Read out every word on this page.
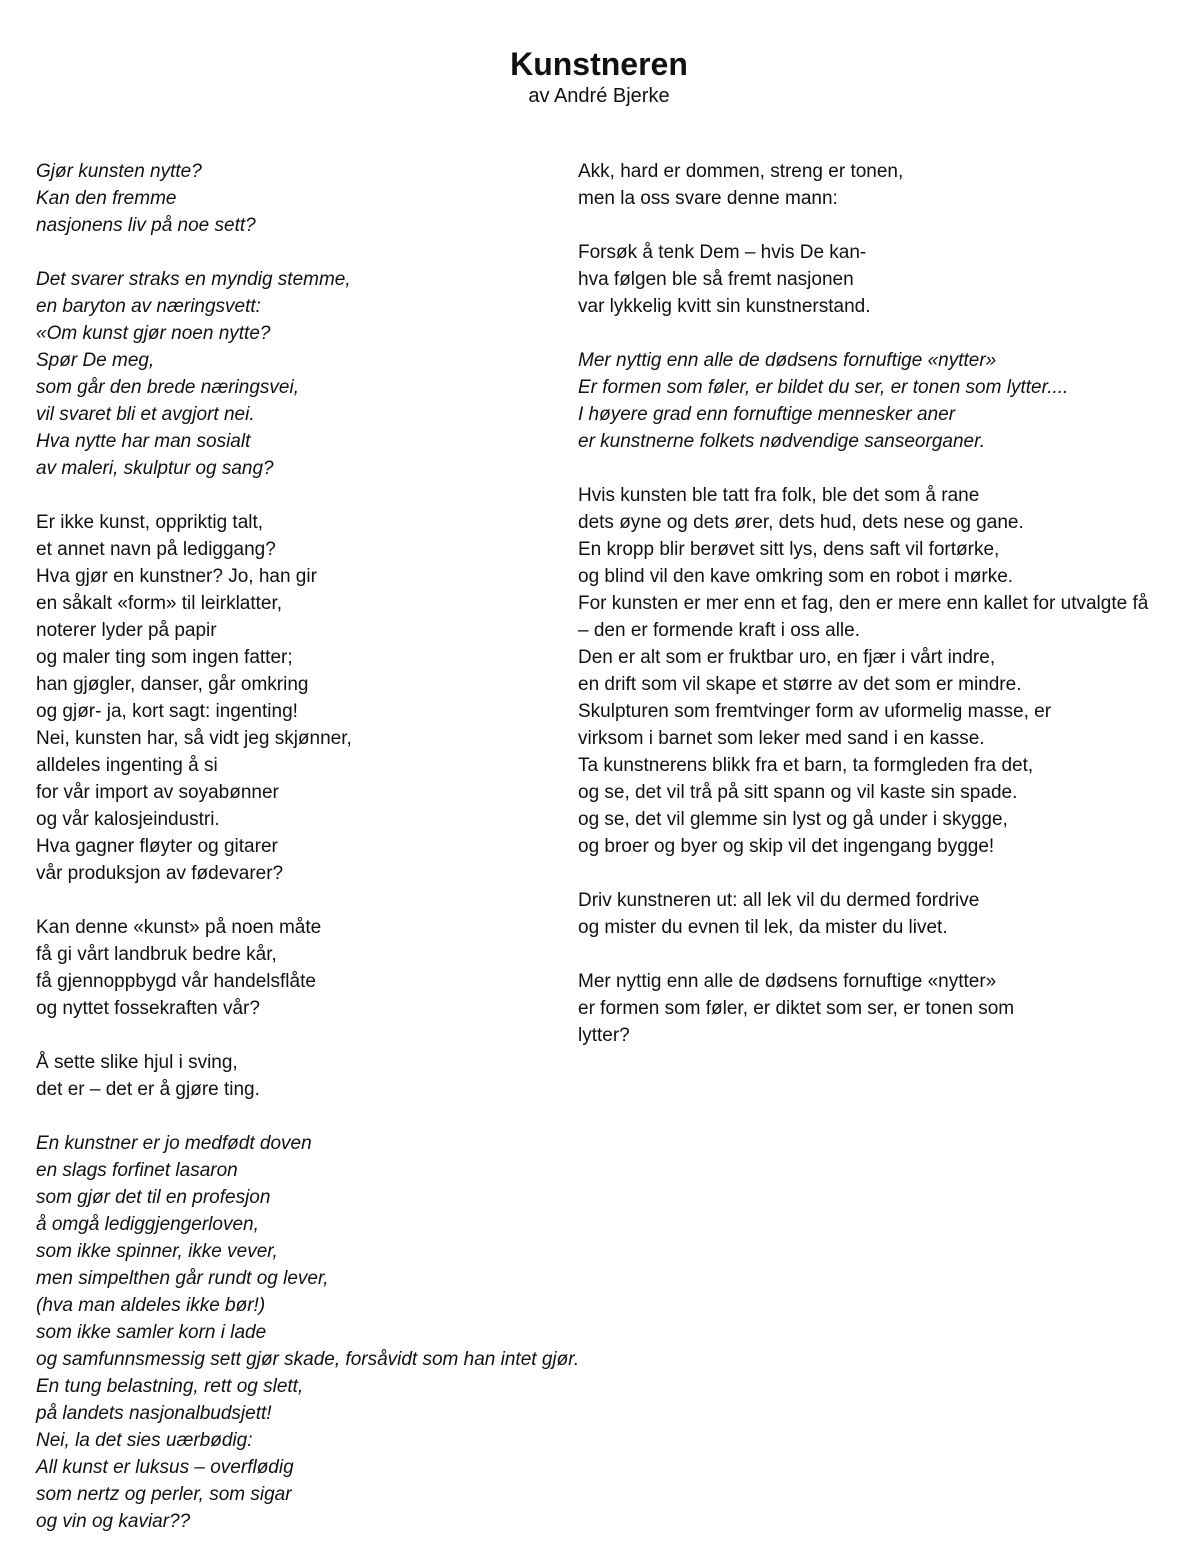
Kunstneren
av André Bjerke
Gjør kunsten nytte?
Kan den fremme
nasjonens liv på noe sett?
Det svarer straks en myndig stemme,
en baryton av næringsvett:
«Om kunst gjør noen nytte?
Spør De meg,
som går den brede næringsvei,
vil svaret bli et avgjort nei.
Hva nytte har man sosialt
av maleri, skulptur og sang?
Er ikke kunst, oppriktig talt,
et annet navn på lediggang?
Hva gjør en kunstner? Jo, han gir
en såkalt «form» til leirklatter,
noterer lyder på papir
og maler ting som ingen fatter;
han gjøgler, danser, går omkring
og gjør- ja, kort sagt: ingenting!
Nei, kunsten har, så vidt jeg skjønner,
alldeles ingenting å si
for vår import av soyabønner
og vår kalosjeindustri.
Hva gagner fløyter og gitarer
vår produksjon av fødevarer?
Kan denne «kunst» på noen måte
få gi vårt landbruk bedre kår,
få gjennoppbygd vår handelsflåte
og nyttet fossekraften vår?
Å sette slike hjul i sving,
det er – det er å gjøre ting.
En kunstner er jo medfødt doven
en slags forfinet lasaron
som gjør det til en profesjon
å omgå lediggjengerloven,
som ikke spinner, ikke vever,
men simpelthen går rundt og lever,
(hva man aldeles ikke bør!)
som ikke samler korn i lade
og samfunnsmessig sett gjør skade, forsåvidt som han intet gjør.
En tung belastning, rett og slett,
på landets nasjonalbudsjett!
Nei, la det sies uærbødig:
All kunst er luksus – overflødig
som nertz og perler, som sigar
og vin og kaviar??
Akk, hard er dommen, streng er tonen,
men la oss svare denne mann:
Forsøk å tenk Dem – hvis De kan-
hva følgen ble så fremt nasjonen
var lykkelig kvitt sin kunstnerstand.
Mer nyttig enn alle de dødsens fornuftige «nytter»
Er formen som føler, er bildet du ser, er tonen som lytter....
I høyere grad enn fornuftige mennesker aner
er kunstnerne folkets nødvendige sanseorganer.
Hvis kunsten ble tatt fra folk, ble det som å rane
dets øyne og dets ører, dets hud, dets nese og gane.
En kropp blir berøvet sitt lys, dens saft vil fortørke,
og blind vil den kave omkring som en robot i mørke.
For kunsten er mer enn et fag, den er mere enn kallet for utvalgte få
– den er formende kraft i oss alle.
Den er alt som er fruktbar uro, en fjær i vårt indre,
en drift som vil skape et større av det som er mindre.
Skulpturen som fremtvinger form av uformelig masse, er
virksom i barnet som leker med sand i en kasse.
Ta kunstnerens blikk fra et barn, ta formgleden fra det,
og se, det vil trå på sitt spann og vil kaste sin spade.
og se, det vil glemme sin lyst og gå under i skygge,
og broer og byer og skip vil det ingengang bygge!
Driv kunstneren ut: all lek vil du dermed fordrive
og mister du evnen til lek, da mister du livet.
Mer nyttig enn alle de dødsens fornuftige «nytter»
er formen som føler, er diktet som ser, er tonen som
lytter?
